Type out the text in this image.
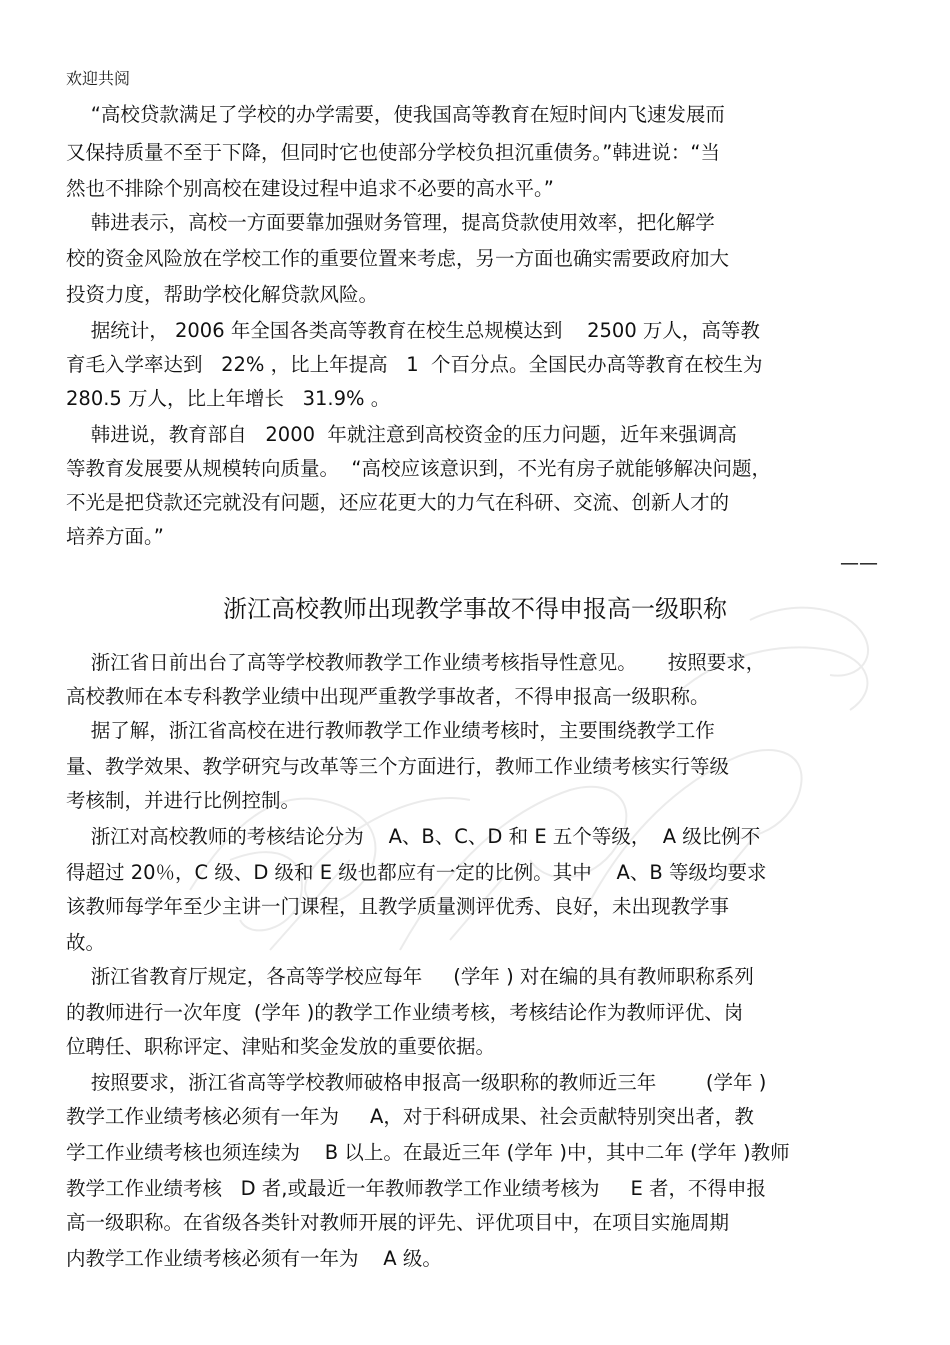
欢迎共阅
“高校贷款满足了学校的办学需要，使我国高等教育在短时间内飞速发展而
又保持质量不至于下降，但同时它也使部分学校负担沉重债务。”韩进说：“当
然也不排除个别高校在建设过程中追求不必要的高水平。”
韩进表示，高校一方面要靠加强财务管理，提高贷款使用效率，把化解学
校的资金风险放在学校工作的重要位置来考虑，另一方面也确实需要政府加大
投资力度，帮助学校化解贷款风险。
据统计， 2006 年全国各类高等教育在校生总规模达到    2500 万人，高等教
育毛入学率达到   22% ，比上年提高   1  个百分点。全国民办高等教育在校生为
280.5 万人，比上年增长   31.9% 。
韩进说，教育部自   2000  年就注意到高校资金的压力问题，近年来强调高
等教育发展要从规模转向质量。  “高校应该意识到，不光有房子就能够解决问题，
不光是把贷款还完就没有问题，还应花更大的力气在科研、交流、创新人才的
培养方面。”
——
浙江高校教师出现教学事故不得申报高一级职称
浙江省日前出台了高等学校教师教学工作业绩考核指导性意见。     按照要求，
高校教师在本专科教学业绩中出现严重教学事故者，不得申报高一级职称。
据了解，浙江省高校在进行教师教学工作业绩考核时，主要围绕教学工作
量、教学效果、教学研究与改革等三个方面进行，教师工作业绩考核实行等级
考核制，并进行比例控制。
浙江对高校教师的考核结论分为    A、B、C、D 和 E 五个等级，  A 级比例不
得超过 20％，C 级、D 级和 E 级也都应有一定的比例。其中    A、B 等级均要求
该教师每学年至少主讲一门课程，且教学质量测评优秀、良好，未出现教学事
故。
浙江省教育厅规定，各高等学校应每年     (学年 ) 对在编的具有教师职称系列
的教师进行一次年度  (学年 )的教学工作业绩考核，考核结论作为教师评优、岗
位聘任、职称评定、津贴和奖金发放的重要依据。
按照要求，浙江省高等学校教师破格申报高一级职称的教师近三年        (学年 )
教学工作业绩考核必须有一年为     A，对于科研成果、社会贡献特别突出者，教
学工作业绩考核也须连续为    B 以上。在最近三年 (学年 )中，其中二年 (学年 )教师
教学工作业绩考核   D 者,或最近一年教师教学工作业绩考核为     E 者，不得申报
高一级职称。在省级各类针对教师开展的评先、评优项目中，在项目实施周期
内教学工作业绩考核必须有一年为    A 级。
